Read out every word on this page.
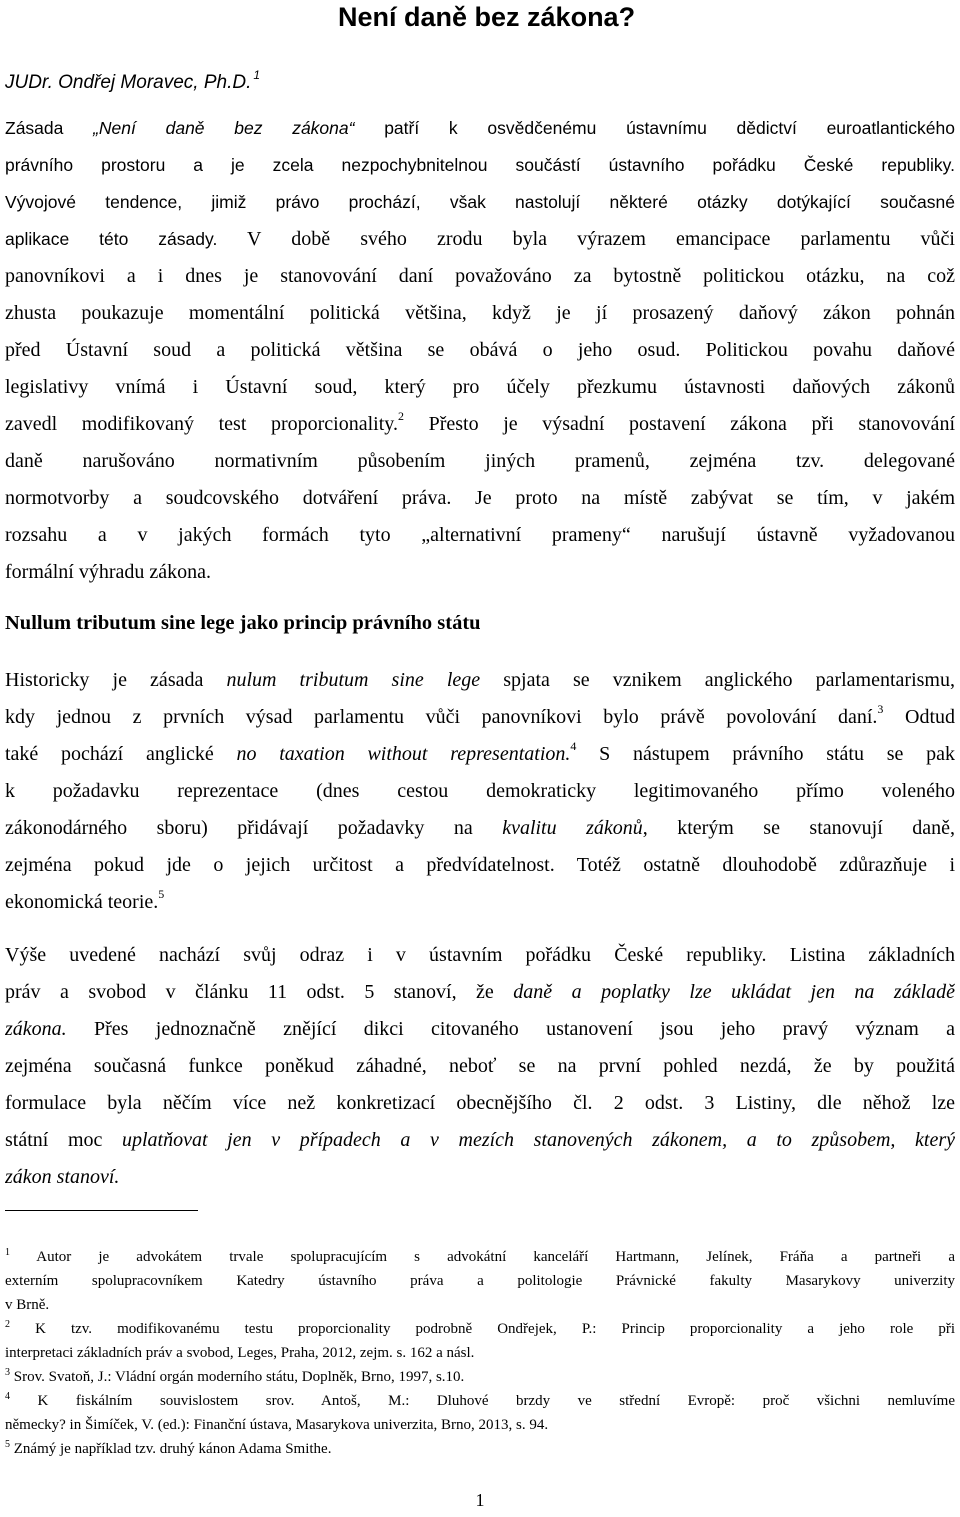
Není daně bez zákona?
JUDr. Ondřej Moravec, Ph.D. $^1$
Zásada „Není daně bez zákona“ patří k osvědčenému ústavnímu dědictví euroatlantického
právního prostoru a je zcela nezpochybnitelnou součástí ústavního pořádku České republiky.
Vývojové tendence, jimiž právo prochází, však nastolují některé otázky dotýkající současné
aplikace této zásady. V době svého zrodu byla výrazem emancipace parlamentu vůči
panovníkovi a i dnes je stanovování daní považováno za bytostně politickou otázku, na což
zhusta poukazuje momentální politická většina, když je jí prosazený daňový zákon pohnán
před Ústavní soud a politická většina se obává o jeho osud. Politickou povahu daňové
legislativy vnímá i Ústavní soud, který pro účely přezkumu ústavnosti daňových zákonů
zavedl modifikovaný test proporcionality.$^2$ Přesto je výsadní postavení zákona při stanovování
daně narušováno normativním působením jiných pramenů, zejména tzv. delegované
normotvorby a soudcovského dotváření práva. Je proto na místě zabývat se tím, v jakém
rozsahu a v jakých formách tyto „alternativní prameny“ narušují ústavně vyžadovanou
formální výhradu zákona.
Nullum tributum sine lege jako princip právního státu
Historicky je zásada nulum tributum sine lege spjata se vznikem anglického parlamentarismu,
kdy jednou z prvních výsad parlamentu vůči panovníkovi bylo právě povolování daní.$^3$ Odtud
také pochází anglické no taxation without representation.$^4$ S nástupem právního státu se pak
k požadavku reprezentace (dnes cestou demokraticky legitimovaného přímo voleného
zákonodárného sboru) přidávají požadavky na kvalitu zákonů, kterým se stanovují daně,
zejména pokud jde o jejich určitost a předvídatelnost. Totéž ostatně dlouhodobě zdůrazňuje i
ekonomická teorie.$^5$
Výše uvedené nachází svůj odraz i v ústavním pořádku České republiky. Listina základních
práv a svobod v článku 11 odst. 5 stanoví, že daně a poplatky lze ukládat jen na základě
zákona. Přes jednoznačně znějící dikci citovaného ustanovení jsou jeho pravý význam a
zejména současná funkce poněkud záhadné, neboť se na první pohled nezdá, že by použitá
formulace byla něčím více než konkretizací obecnějšího čl. 2 odst. 3 Listiny, dle něhož lze
státní moc uplatňovat jen v případech a v mezích stanovených zákonem, a to způsobem, který
zákon stanoví.
$^1$ Autor je advokátem trvale spolupracujícím s advokátní kanceláří Hartmann, Jelínek, Fráňa a partneři a
externím spolupracovníkem Katedry ústavního práva a politologie Právnické fakulty Masarykovy univerzity
v Brně.
$^2$ K tzv. modifikovanému testu proporcionality podrobně Ondřejek, P.: Princip proporcionality a jeho role při
interpretaci základních práv a svobod, Leges, Praha, 2012, zejm. s. 162 a násl.
$^3$ Srov. Svatoň, J.: Vládní orgán moderního státu, Doplněk, Brno, 1997, s.10.
$^4$ K fiskálním souvislostem srov. Antoš, M.: Dluhové brzdy ve střední Evropě: proč všichni nemluvíme
německy? in Šimíček, V. (ed.): Finanční ústava, Masarykova univerzita, Brno, 2013, s. 94.
$^5$ Známý je například tzv. druhý kánon Adama Smithe.
1
